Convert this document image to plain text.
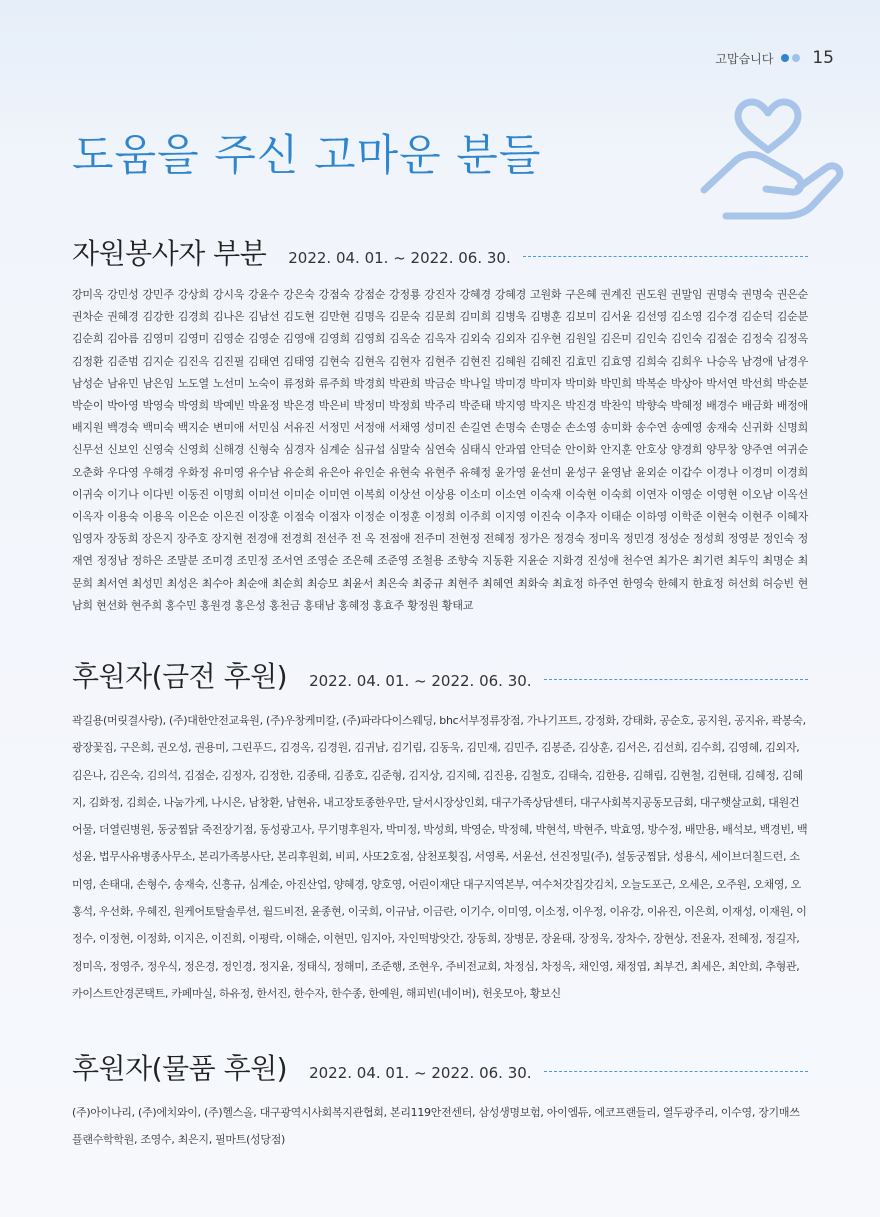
고맙습니다 15
도움을 주신 고마운 분들
자원봉사자 부분 2022. 04. 01. ~ 2022. 06. 30.
강미옥 강민성 강민주 강상희 강시욱 강윤수 강은숙 강점숙 강점순 강정룡 강진자 강혜경 강혜경 고원화 구은혜 권계진 권도원 권말임 권명숙 권명숙 권은순 권차순 권혜경 김강한 김경희 김나은 김남선 김도현 김만현 김명옥 김문숙 김문희 김미희 김병욱 김병훈 김보미 김서윤 김선영 김소영 김수경 김순덕 김순분 김순희 김아름 김영미 김영미 김영순 김영순 김영애 김영희 김영희 김옥순 김옥자 김외숙 김외자 김우현 김원일 김은미 김인숙 김인숙 김점순 김정숙 김정옥 김정환 김준범 김지순 김진옥 김진필 김태연 김태영 김현숙 김현옥 김현자 김현주 김현진 김혜원 김혜진 김효민 김효영 김희숙 김희우 나승옥 남경애 남경우 남성순 남유민 남은임 노도열 노선미 노숙이 류정화 류주희 박경희 박관희 박금순 박나일 박미경 박미자 박미화 박민희 박복순 박상아 박서연 박선희 박순분 박순이 박아영 박영숙 박영희 박예빈 박윤정 박은경 박은비 박정미 박정희 박주리 박준태 박지영 박지은 박진경 박찬익 박향숙 박혜정 배경수 배금화 배정애 배지원 백경숙 백미숙 백지순 변미애 서민심 서유진 서정민 서정애 서채영 성미진 손길연 손명숙 손명순 손소영 송미화 송수연 송예영 송재숙 신귀화 신명희 신무선 신보인 신영숙 신영희 신해경 신형숙 심경자 심계순 심규섭 심말숙 심연숙 심태식 안과엽 안덕순 안이화 안지훈 안호상 양경희 양무창 양주연 여귀순 오춘화 우다영 우해경 우화정 유미영 유수남 유순희 유은아 유인순 유현숙 유현주 유혜정 윤가영 윤선미 윤성구 윤영남 윤외순 이갑수 이경나 이경미 이경희 이귀숙 이기나 이다빈 이동진 이명희 이미선 이미순 이미연 이복희 이상선 이상용 이소미 이소연 이숙재 이숙현 이숙희 이연자 이영순 이영현 이오남 이옥선 이옥자 이용숙 이용옥 이은순 이은진 이장훈 이점숙 이점자 이정순 이정훈 이정희 이주희 이지영 이진숙 이추자 이태순 이하영 이학준 이현숙 이현주 이혜자 임영자 장동희 장은지 장주호 장지현 전경애 전경희 전선주 전 옥 전점애 전주미 전현정 전혜정 정가은 정경숙 정미옥 정민경 정성순 정성희 정영분 정인숙 정재연 정정남 정하은 조말분 조미경 조민정 조서연 조영순 조은혜 조준영 조철용 조향숙 지동환 지윤순 지화경 진성애 천수연 최가은 최기련 최두익 최명순 최문희 최서연 최성민 최성은 최수아 최순애 최순희 최승모 최윤서 최은숙 최중규 최현주 최혜연 최화숙 최효정 하주연 한영숙 한혜지 한효정 허선희 허승빈 현남희 현선화 현주희 홍수민 홍원경 홍은성 홍천금 홍태남 홍혜정 홍효주 황정원 황태교
후원자(금전 후원) 2022. 04. 01. ~ 2022. 06. 30.
곽길용(머릿결사랑), (주)대한안전교육원, (주)우창케미칼, (주)파라다이스웨딩, bhc서부정류장점, 가나기프트, 강정화, 강태화, 공순호, 공지원, 공지유, 곽봉숙, 광장꽃집, 구은희, 권오성, 권용미, 그린푸드, 김경옥, 김경원, 김귀남, 김기림, 김동욱, 김민재, 김민주, 김봉준, 김상훈, 김서은, 김선희, 김수희, 김영혜, 김외자, 김은나, 김은숙, 김의석, 김점순, 김정자, 김정한, 김종태, 김종호, 김준형, 김지상, 김지혜, 김진용, 김철호, 김태숙, 김한용, 김해림, 김현철, 김현태, 김혜정, 김혜지, 김화정, 김희순, 나눔가게, 나시은, 남창환, 남현유, 내고장토종한우만, 달서시장상인회, 대구가족상담센터, 대구사회복지공동모금회, 대구햇살교회, 대원건어물, 더열린병원, 동궁찜닭 죽전장기점, 동성광고사, 무기명후원자, 박미정, 박성희, 박영순, 박정혜, 박현석, 박현주, 박효영, 방수정, 배만용, 배석보, 백경빈, 백성윤, 법무사유병종사무소, 본리가족봉사단, 본리후원회, 비피, 사또2호점, 삼천포횟집, 서영록, 서윤선, 선진정밀(주), 설동궁찜닭, 성용식, 세이브더칠드런, 소미영, 손태대, 손형수, 송재숙, 신흥규, 심계순, 아진산업, 양혜경, 양호영, 어린이재단 대구지역본부, 여수처갓집갓김치, 오늘도포근, 오세은, 오주원, 오채영, 오홍석, 우선화, 우혜진, 원케어토탈솔루션, 월드비전, 윤종현, 이국희, 이규남, 이금란, 이기수, 이미영, 이소정, 이우정, 이유강, 이유진, 이은희, 이재성, 이재원, 이정수, 이정현, 이정화, 이지은, 이진희, 이평락, 이해순, 이현민, 임지아, 자인떡방앗간, 장동희, 장병문, 장윤태, 장정욱, 장차수, 장현상, 전윤자, 전혜정, 정길자, 정미옥, 정영주, 정우식, 정은경, 정인경, 정지윤, 정태식, 정해미, 조준행, 조현우, 주비전교회, 차정심, 차정옥, 채인영, 채정엽, 최부건, 최세은, 최안희, 추형관, 카이스트안경콘택트, 카페마실, 하유정, 한서진, 한수자, 한수종, 한예원, 해피빈(네이버), 헌옷모아, 황보신
후원자(물품 후원) 2022. 04. 01. ~ 2022. 06. 30.
(주)아이나리, (주)에치와이, (주)헬스올, 대구광역시사회복지관협회, 본리119안전센터, 삼성생명보험, 아이엠듀, 에코프랜들리, 열두광주리, 이수영, 장기매쓰플랜수학학원, 조영수, 최은지, 필마트(성당점)
